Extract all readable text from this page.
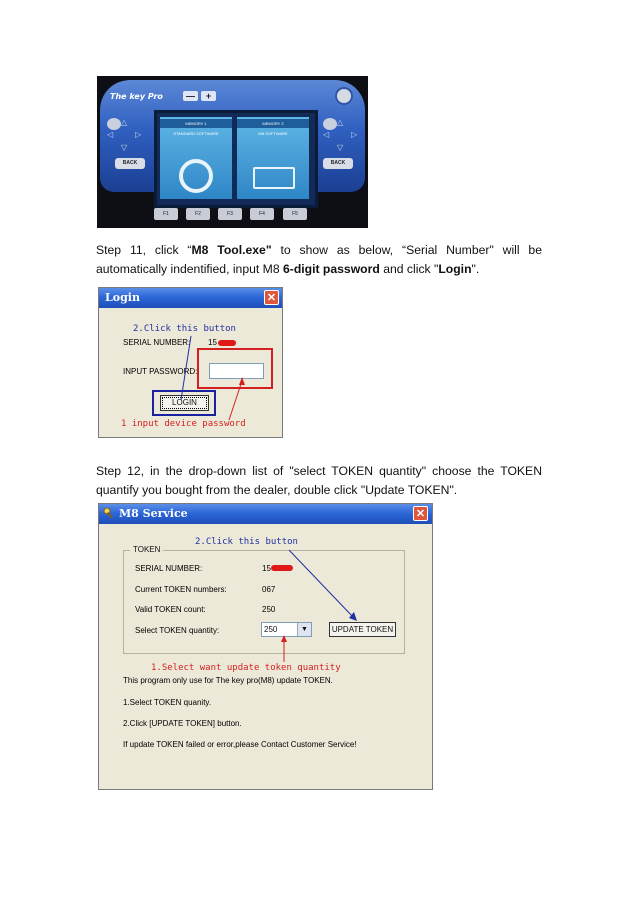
The key Pro	—	+
△
◁	▷
▽
△
◁	▷
▽
BACK	BACK
MEMORY 1
STANDARD SOFTWARE
MEMORY 2
M8 SOFTWARE
F1	F2	F3	F4	F5
Step 11, click “M8 Tool.exe" to show as below, “Serial Number" will be automatically indentified, input M8 6-digit password and click "Login".
Login	✕
2.Click this button
SERIAL NUMBER: 15
INPUT PASSWORD:
LOGIN
1 input device password
Step 12, in the drop-down list of "select TOKEN quantity" choose the TOKEN quantify you bought from the dealer, double click "Update TOKEN".
M8 Service	✕
TOKEN
2.Click this button
SERIAL NUMBER:	15
Current TOKEN numbers:	067
Valid TOKEN count:	250
Select TOKEN quantity:	250	▼	UPDATE TOKEN
1.Select want update token quantity
This program only use for The key pro(M8) update TOKEN.
1.Select TOKEN quanity.
2.Click [UPDATE TOKEN] button.
If update TOKEN failed or error,please Contact Customer Service!
